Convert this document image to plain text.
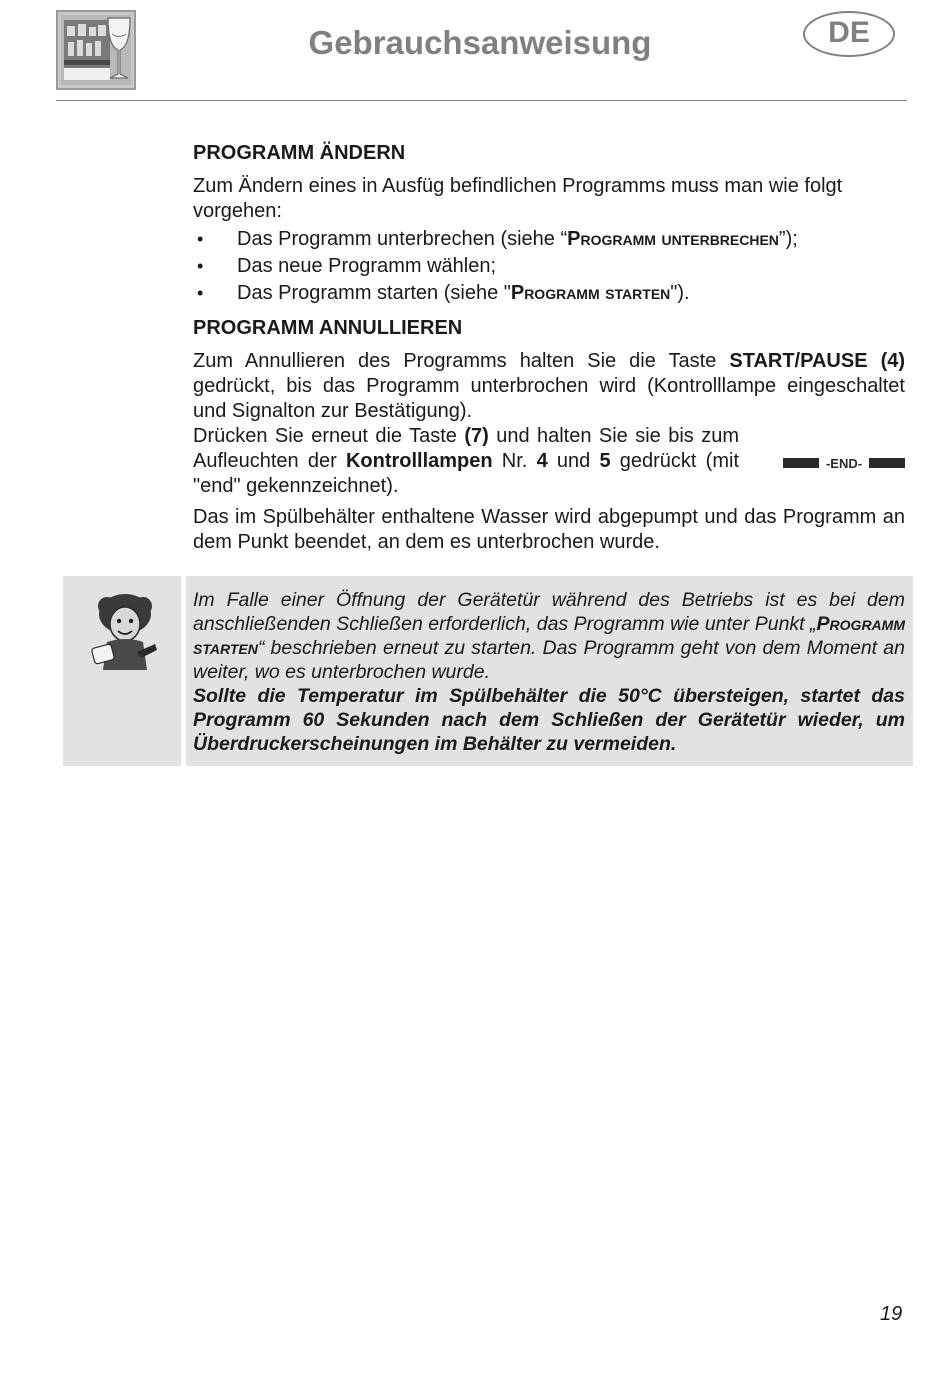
Gebrauchsanweisung	DE
PROGRAMM ÄNDERN

Zum Ändern eines in Ausfüg befindlichen Programms muss man wie folgt vorgehen:

• Das Programm unterbrechen (siehe “Programm unterbrechen”);
• Das neue Programm wählen;
• Das Programm starten (siehe "Programm starten").
PROGRAMM ANNULLIEREN

Zum Annullieren des Programms halten Sie die Taste START/PAUSE (4) gedrückt, bis das Programm unterbrochen wird (Kontrolllampe eingeschaltet und Signalton zur Bestätigung).

Drücken Sie erneut die Taste (7) und halten Sie sie bis zum Aufleuchten der Kontrolllampen Nr. 4 und 5 gedrückt (mit "end" gekennzeichnet).

-END-

Das im Spülbehälter enthaltene Wasser wird abgepumpt und das Programm an dem Punkt beendet, an dem es unterbrochen wurde.

Im Falle einer Öffnung der Gerätetür während des Betriebs ist es bei dem anschließenden Schließen erforderlich, das Programm wie unter Punkt „Programm starten“ beschrieben erneut zu starten. Das Programm geht von dem Moment an weiter, wo es unterbrochen wurde.

Sollte die Temperatur im Spülbehälter die 50°C übersteigen, startet das Programm 60 Sekunden nach dem Schließen der Gerätetür wieder, um Überdruckerscheinungen im Behälter zu vermeiden.

19
